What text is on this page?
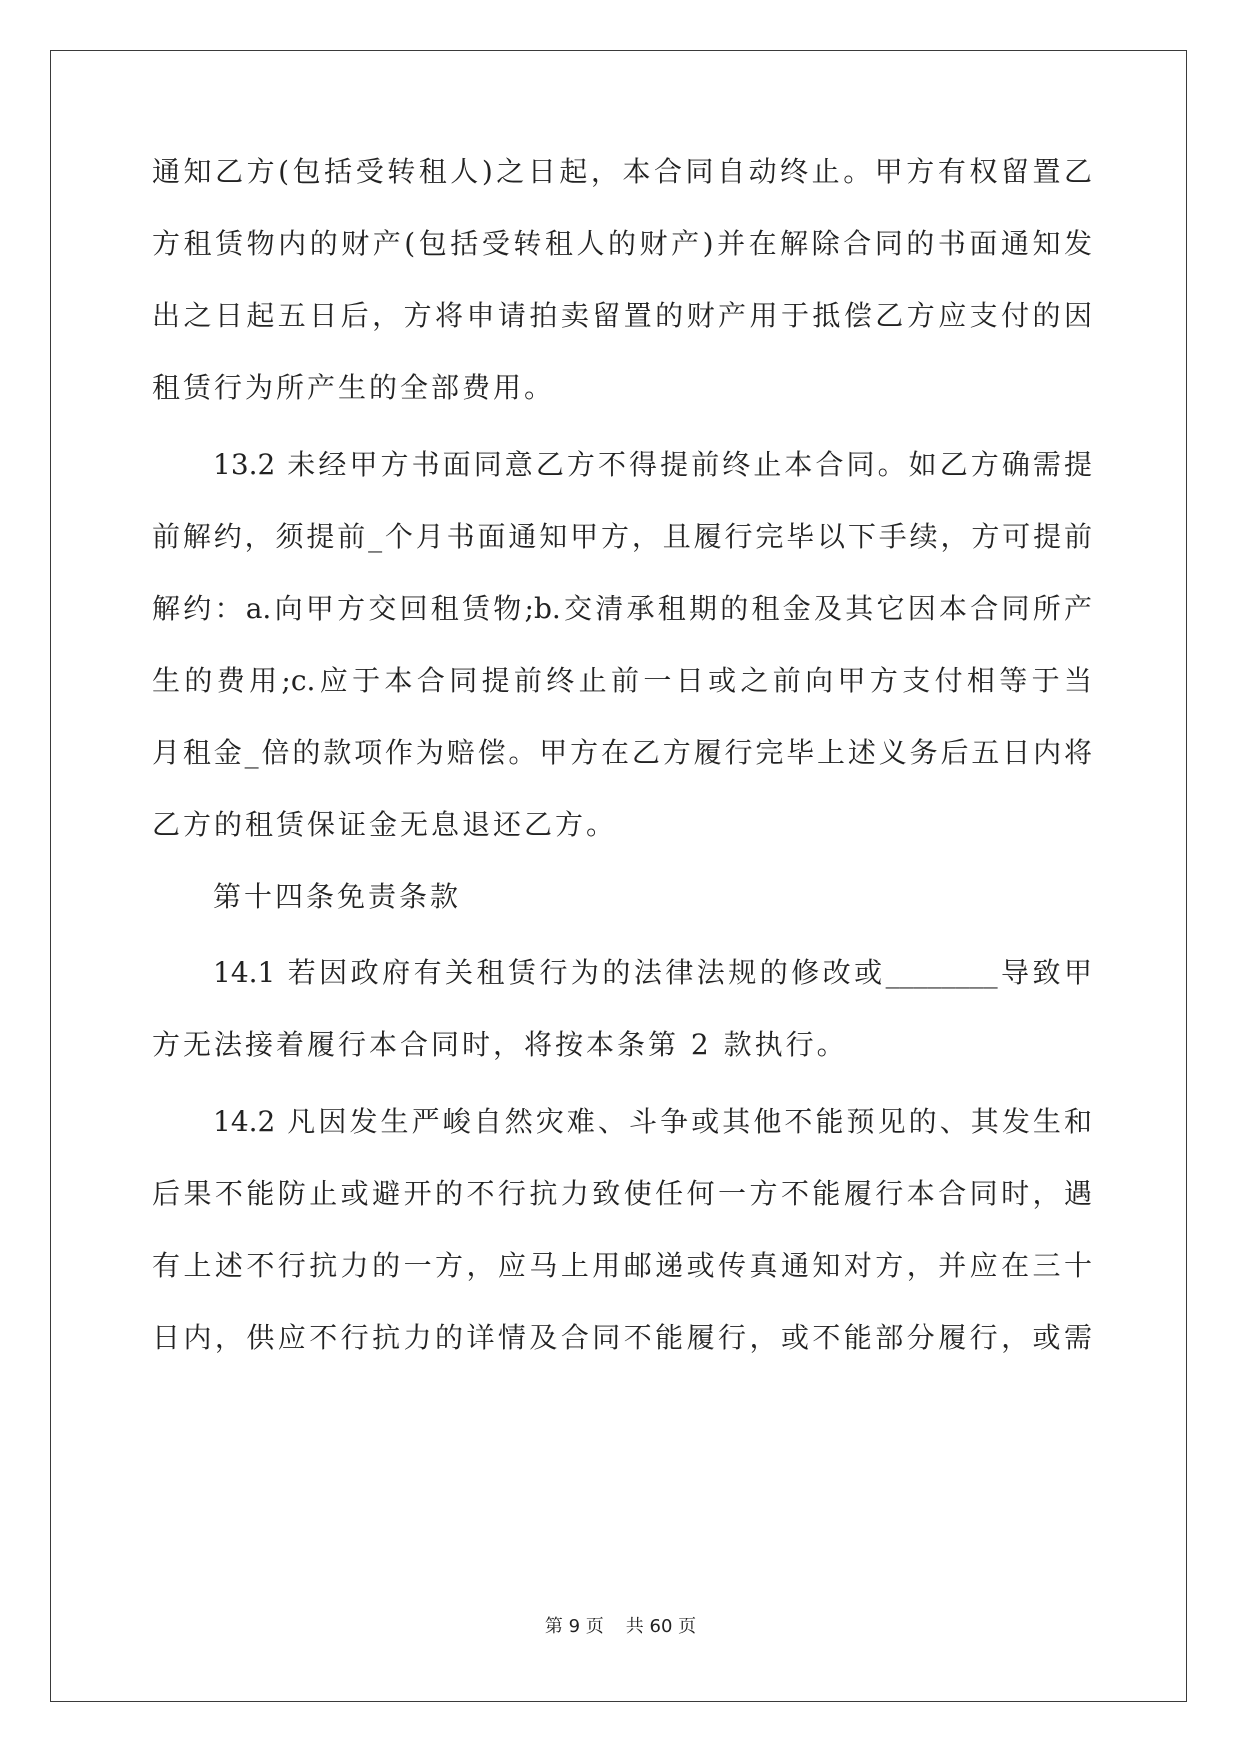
通知乙方(包括受转租人)之日起，本合同自动终止。甲方有权留置乙
方租赁物内的财产(包括受转租人的财产)并在解除合同的书面通知发
出之日起五日后，方将申请拍卖留置的财产用于抵偿乙方应支付的因
租赁行为所产生的全部费用。
13.2 未经甲方书面同意乙方不得提前终止本合同。如乙方确需提
前解约，须提前_个月书面通知甲方，且履行完毕以下手续，方可提前
解约：a.向甲方交回租赁物;b.交清承租期的租金及其它因本合同所产
生的费用;c.应于本合同提前终止前一日或之前向甲方支付相等于当
月租金_倍的款项作为赔偿。甲方在乙方履行完毕上述义务后五日内将
乙方的租赁保证金无息退还乙方。
第十四条免责条款
14.1 若因政府有关租赁行为的法律法规的修改或________导致甲
方无法接着履行本合同时，将按本条第 2 款执行。
14.2 凡因发生严峻自然灾难、斗争或其他不能预见的、其发生和
后果不能防止或避开的不行抗力致使任何一方不能履行本合同时，遇
有上述不行抗力的一方，应马上用邮递或传真通知对方，并应在三十
日内，供应不行抗力的详情及合同不能履行，或不能部分履行，或需
第 9 页 共 60 页
